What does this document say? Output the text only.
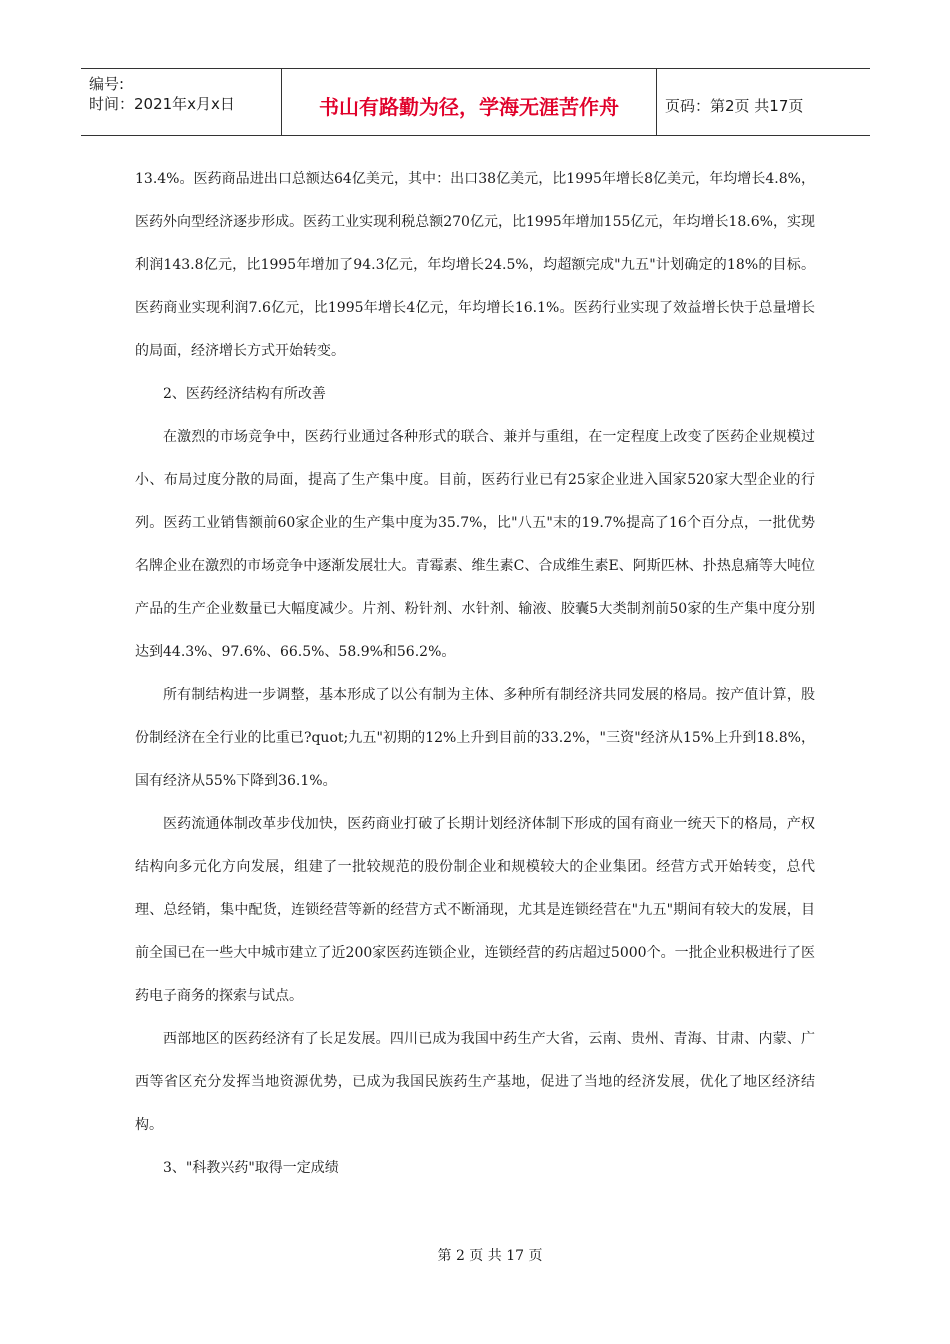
编号:
时间：2021年x月x日	书山有路勤为径，学海无涯苦作舟	页码：第2页 共17页

13.4%。医药商品进出口总额达64亿美元，其中：出口38亿美元，比1995年增长8亿美元，年均增长4.8%，医药外向型经济逐步形成。医药工业实现利税总额270亿元，比1995年增加155亿元，年均增长18.6%，实现利润143.8亿元，比1995年增加了94.3亿元，年均增长24.5%，均超额完成"九五"计划确定的18%的目标。医药商业实现利润7.6亿元，比1995年增长4亿元，年均增长16.1%。医药行业实现了效益增长快于总量增长的局面，经济增长方式开始转变。

2、医药经济结构有所改善

在激烈的市场竞争中，医药行业通过各种形式的联合、兼并与重组，在一定程度上改变了医药企业规模过小、布局过度分散的局面，提高了生产集中度。目前，医药行业已有25家企业进入国家520家大型企业的行列。医药工业销售额前60家企业的生产集中度为35.7%，比"八五"末的19.7%提高了16个百分点，一批优势名牌企业在激烈的市场竞争中逐渐发展壮大。青霉素、维生素C、合成维生素E、阿斯匹林、扑热息痛等大吨位产品的生产企业数量已大幅度减少。片剂、粉针剂、水针剂、输液、胶囊5大类制剂前50家的生产集中度分别达到44.3%、97.6%、66.5%、58.9%和56.2%。

所有制结构进一步调整，基本形成了以公有制为主体、多种所有制经济共同发展的格局。按产值计算，股份制经济在全行业的比重已?quot;九五"初期的12%上升到目前的33.2%，"三资"经济从15%上升到18.8%，国有经济从55%下降到36.1%。

医药流通体制改革步伐加快，医药商业打破了长期计划经济体制下形成的国有商业一统天下的格局，产权结构向多元化方向发展，组建了一批较规范的股份制企业和规模较大的企业集团。经营方式开始转变，总代理、总经销，集中配货，连锁经营等新的经营方式不断涌现，尤其是连锁经营在"九五"期间有较大的发展，目前全国已在一些大中城市建立了近200家医药连锁企业，连锁经营的药店超过5000个。一批企业积极进行了医药电子商务的探索与试点。

西部地区的医药经济有了长足发展。四川已成为我国中药生产大省，云南、贵州、青海、甘肃、内蒙、广西等省区充分发挥当地资源优势，已成为我国民族药生产基地，促进了当地的经济发展，优化了地区经济结构。

3、"科教兴药"取得一定成绩

第 2 页 共 17 页
